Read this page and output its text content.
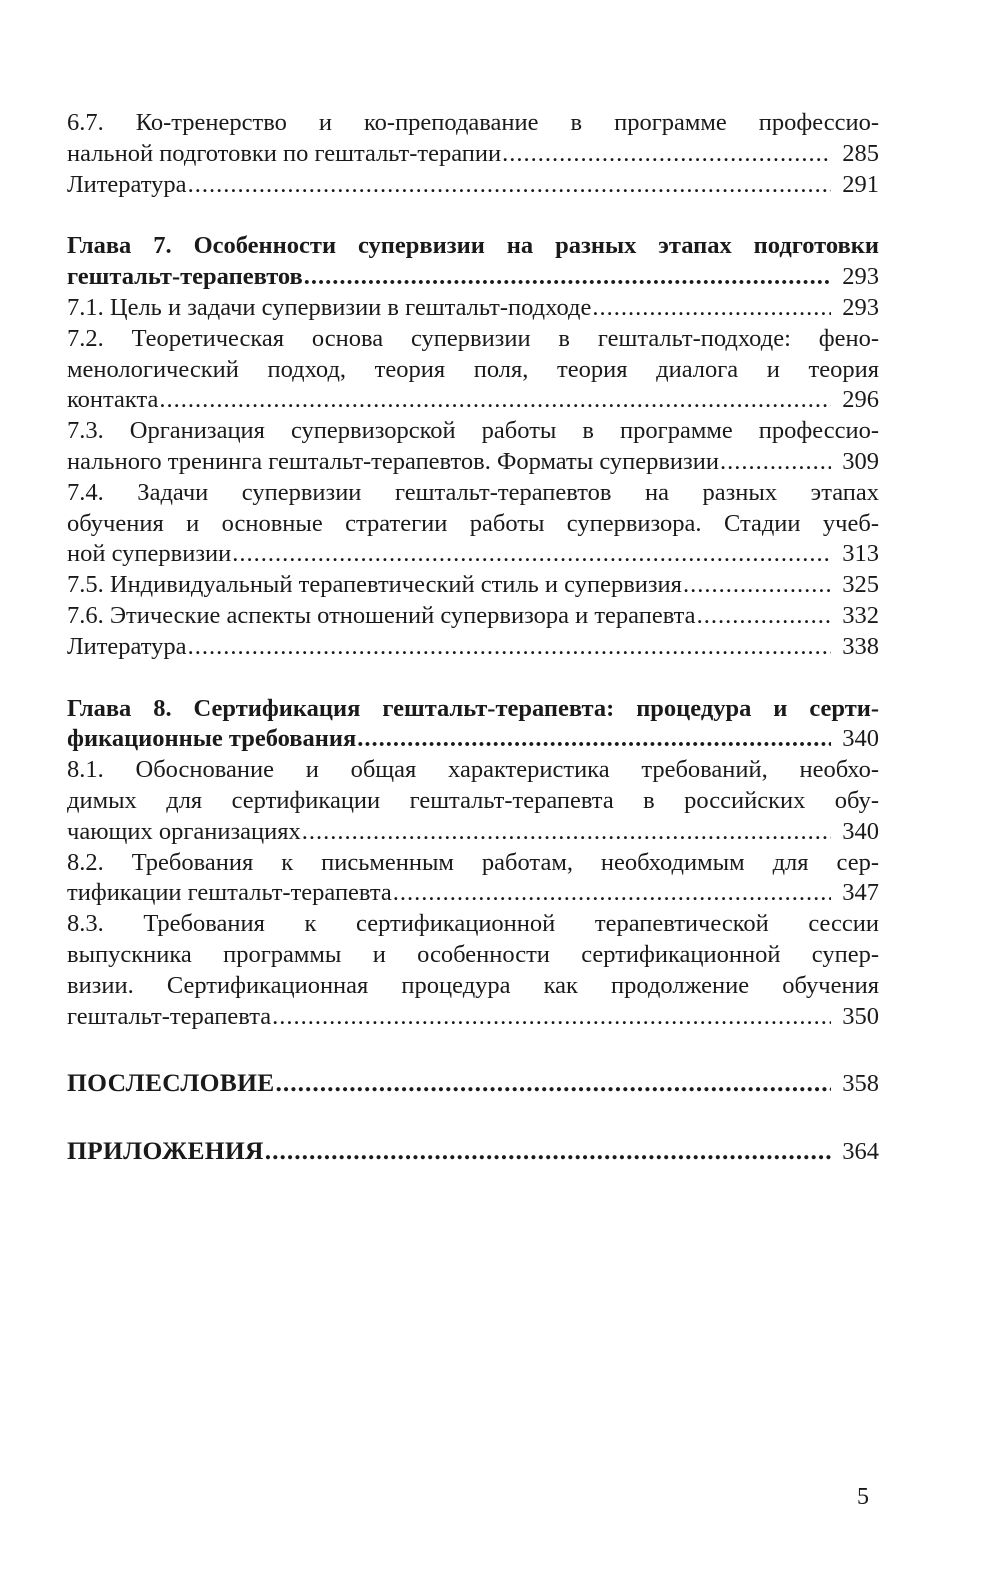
6.7. Ко-тренерство и ко-преподавание в программе профессио-
нальной подготовки по гештальт-терапии .....	285
Литература .....	291
Глава 7. Особенности супервизии на разных этапах подготовки
гештальт-терапевтов .....	293
7.1. Цель и задачи супервизии в гештальт-подходе .....	293
7.2. Теоретическая основа супервизии в гештальт-подходе: фено-
менологический подход, теория поля, теория диалога и теория
контакта .....	296
7.3. Организация супервизорской работы в программе профессио-
нального тренинга гештальт-терапевтов. Форматы супервизии .....	309
7.4. Задачи супервизии гештальт-терапевтов на разных этапах
обучения и основные стратегии работы супервизора. Стадии учеб-
ной супервизии .....	313
7.5. Индивидуальный терапевтический стиль и супервизия .....	325
7.6. Этические аспекты отношений супервизора и терапевта .....	332
Литература .....	338
Глава 8. Сертификация гештальт-терапевта: процедура и серти-
фикационные требования .....	340
8.1. Обоснование и общая характеристика требований, необхо-
димых для сертификации гештальт-терапевта в российских обу-
чающих организациях .....	340
8.2. Требования к письменным работам, необходимым для сер-
тификации гештальт-терапевта .....	347
8.3. Требования к сертификационной терапевтической сессии
выпускника программы и особенности сертификационной супер-
визии. Сертификационная процедура как продолжение обучения
гештальт-терапевта .....	350
ПОСЛЕСЛОВИЕ .....	358
ПРИЛОЖЕНИЯ .....	364
5
